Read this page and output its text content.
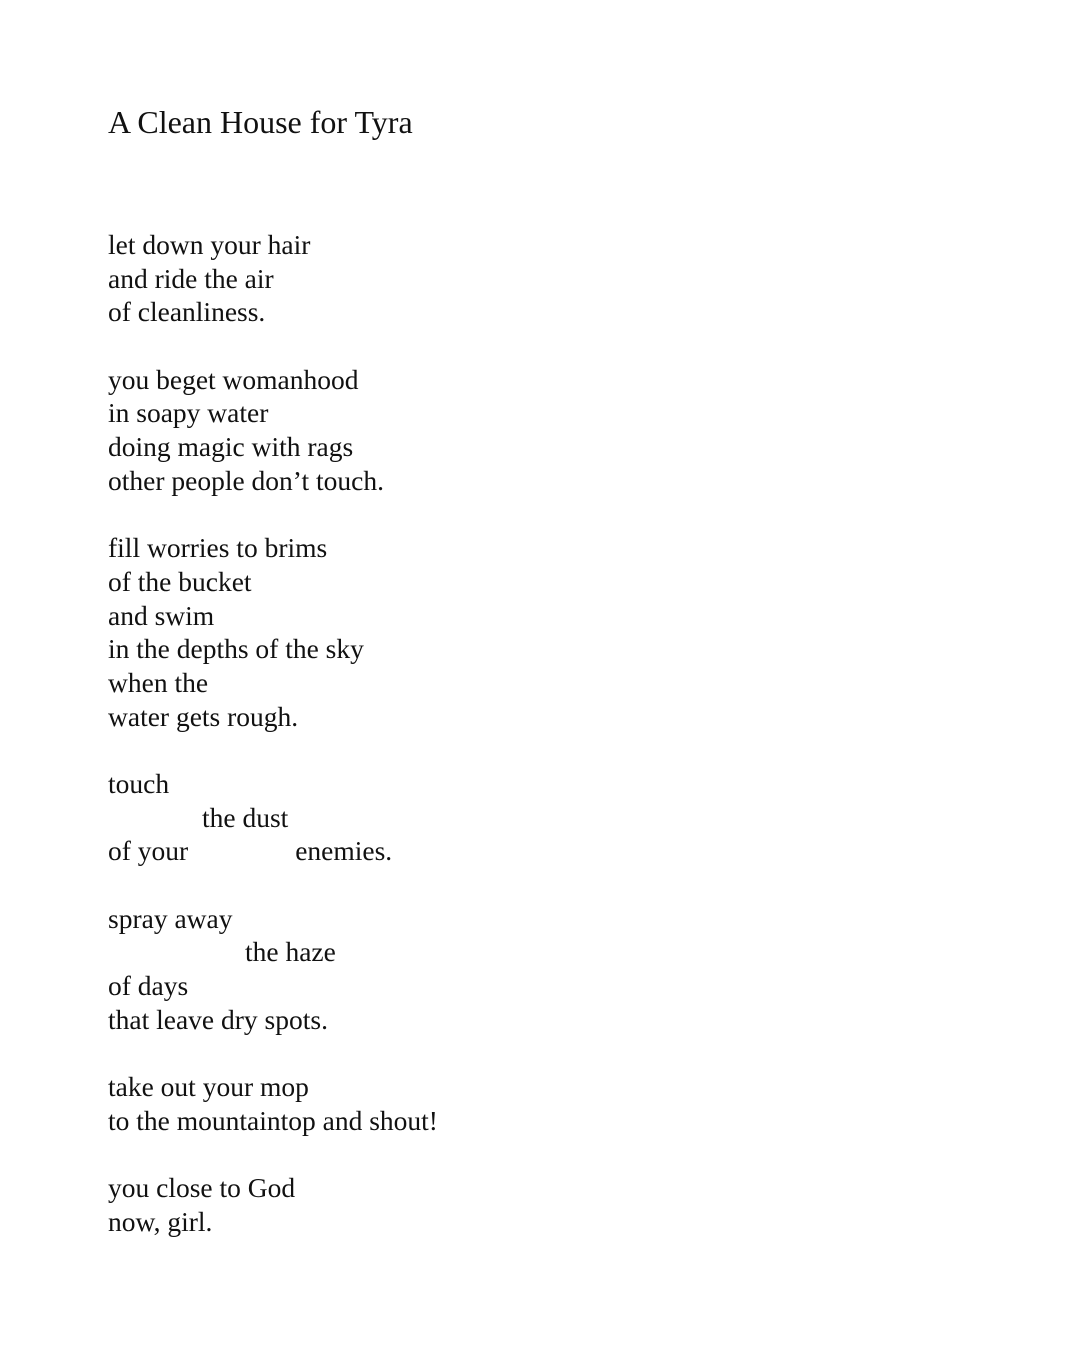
A Clean House for Tyra
let down your hair
and ride the air
of cleanliness.
you beget womanhood
in soapy water
doing magic with rags
other people don’t touch.
fill worries to brims
of the bucket
and swim
in the depths of the sky
when the
water gets rough.
touch
the dust
of your	enemies.
spray away
the haze
of days
that leave dry spots.
take out your mop
to the mountaintop and shout!
you close to God
now, girl.
